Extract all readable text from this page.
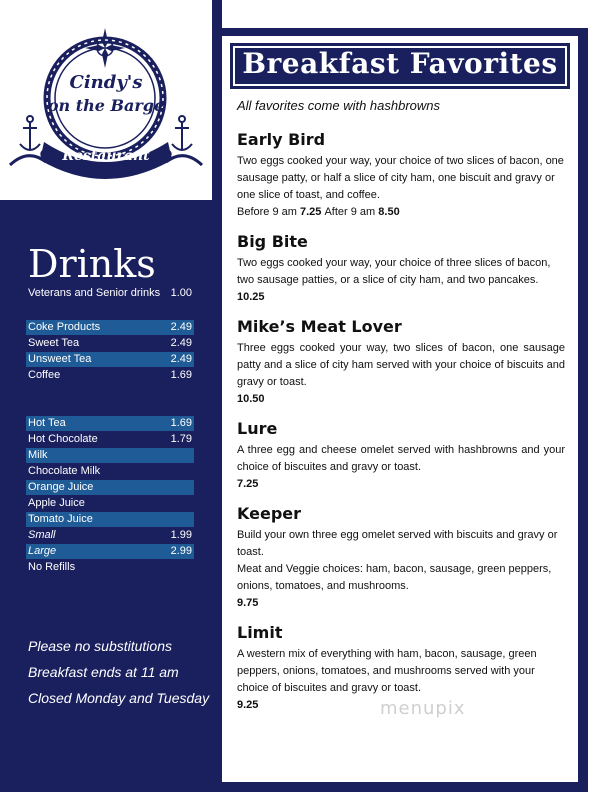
Cindy's
on the Barge
Restaurant
Drinks
Veterans and Senior drinks 1.00
Coke Products	2.49
Sweet Tea	2.49
Unsweet Tea	2.49
Coffee	1.69
Hot Tea	1.69
Hot Chocolate	1.79
Milk
Chocolate Milk
Orange Juice
Apple Juice
Tomato Juice
Small	1.99
Large	2.99
No Refills
Please no substitutions
Breakfast ends at 11 am
Closed Monday and Tuesday
Breakfast Favorites
All favorites come with hashbrowns
Early Bird

Two eggs cooked your way, your choice of two slices of bacon, one sausage patty, or half a slice of city ham, one biscuit and gravy or one slice of toast, and coffee.

Before 9 am 7.25 After 9 am 8.50

Big Bite

Two eggs cooked your way, your choice of three slices of bacon, two sausage patties, or a slice of city ham, and two pancakes.

10.25

Mike’s Meat Lover

Three eggs cooked your way, two slices of bacon, one sausage patty and a slice of city ham served with your choice of biscuits and gravy or toast.

10.50

Lure

A three egg and cheese omelet served with hashbrowns and your choice of biscuites and gravy or toast.

7.25

Keeper

Build your own three egg omelet served with biscuits and gravy or toast.

Meat and Veggie choices: ham, bacon, sausage, green peppers, onions, tomatoes, and mushrooms.

9.75

Limit

A western mix of everything with ham, bacon, sausage, green peppers, onions, tomatoes, and mushrooms served with your choice of biscuites and gravy or toast.

9.25	menupix
